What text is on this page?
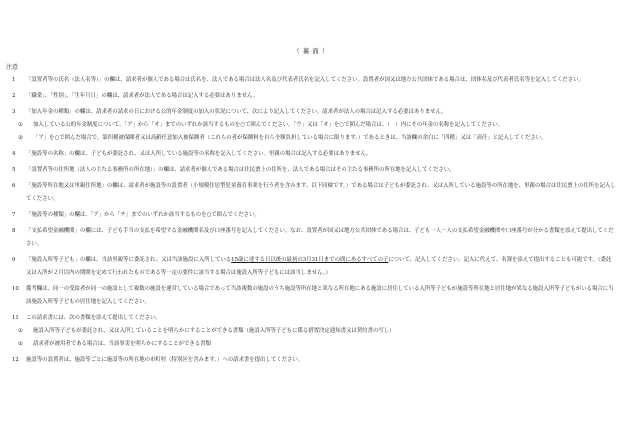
（ 裏 面 ）
注意
1	「設置者等の氏名（法人名等）」の欄は、請求者が個人である場合は氏名を、法人である場合は法人名及び代表者氏名を記入してください。設置者が国又は地方公共団体である場合は、団体名及び代表者氏名等を記入してください。
2	「職業」、「性別」、「生年月日」の欄は、請求者が法人である場合は記入する必要はありません。
3	「加入年金の種類」の欄は、請求者の請求の日における公的年金制度の加入の状況について、次により記入してください。請求者が法人の場合は記入する必要はありません。
①	加入している公的年金制度について、「ア」から「オ」までのいずれか該当するものを○で囲んでください。「ウ」又は「オ」を○で囲んだ場合は、（　）内にその年金の名称を記入してください。
②	「ア」を○で囲んだ場合で、第四種被保険者又は高齢任意加入被保険者（これらの者が保険料を自ら全額負担している場合に限ります。）であるときは、当該欄の余白に「四種」又は「高任」と記入してください。
4	「施設等の名称」の欄は、子どもが委託され、又は入所している施設等の名称を記入してください。里親の場合は記入する必要はありません。
5	「設置者等の住所地（法人の主たる事務所の所在地）」の欄は、請求者が個人である場合は住民票上の住所を、法人である場合はその主たる事務所の所在地を記入してください。
6	「施設等所在地又は里親住所地」の欄は、請求者が施設等の設置者（小規模住居型児童養育事業を行う者を含みます。以下同様です。）である場合は子どもが委託され、又は入所している施設等の所在地を、里親の場合は住民票上の住所を記入してください。
7	「施設等の種類」の欄は、「ア」から「チ」までのいずれか該当するものを○で囲んでください。
8	「支払希望金融機関」の欄には、子ども手当の支払を希望する金融機関名及び口座番号を記入してください。なお、設置者が国又は地方公共団体である場合は、子ども一人一人の支払希望金融機関や口座番号が分かる書類を添えて提出してください。
9	「施設入所等子ども」の欄は、当該里親等に委託され、又は当該施設に入所している15歳に達する日以後の最初の3月31日までの間にあるすべての子について、記入してください。記入に代えて、名簿を添えて提出することも可能です。（委託又は入所が２月以内の期間を定めて行われたものである等一定の要件に該当する場合は施設入所等子どもには該当しません。）
10	備考欄は、同一の受給者が同一の施設として複数の施設を運営している場合であって当該複数の施設のうち施設等所在地と異なる所在地にある施設に居住している入所等子どもが施設等所在地と居住地が異なる施設入所等子どもがいる場合に当該施設入所等子どもの居住地を記入してください。
11	この請求書には、次の書類を添えて提出してください。
①	施設入所等子どもが委託され、又は入所していることを明らかにすることができる書類（施設入所等子どもに係る措置決定通知書又は契約書の写し）
②	請求者が被用者である場合は、当該事実を明らかにすることができる書類
12	施設等の設置者は、施設等ごとに施設等の所在地の市町村（特別区を含みます。）への請求書を提出してください。
